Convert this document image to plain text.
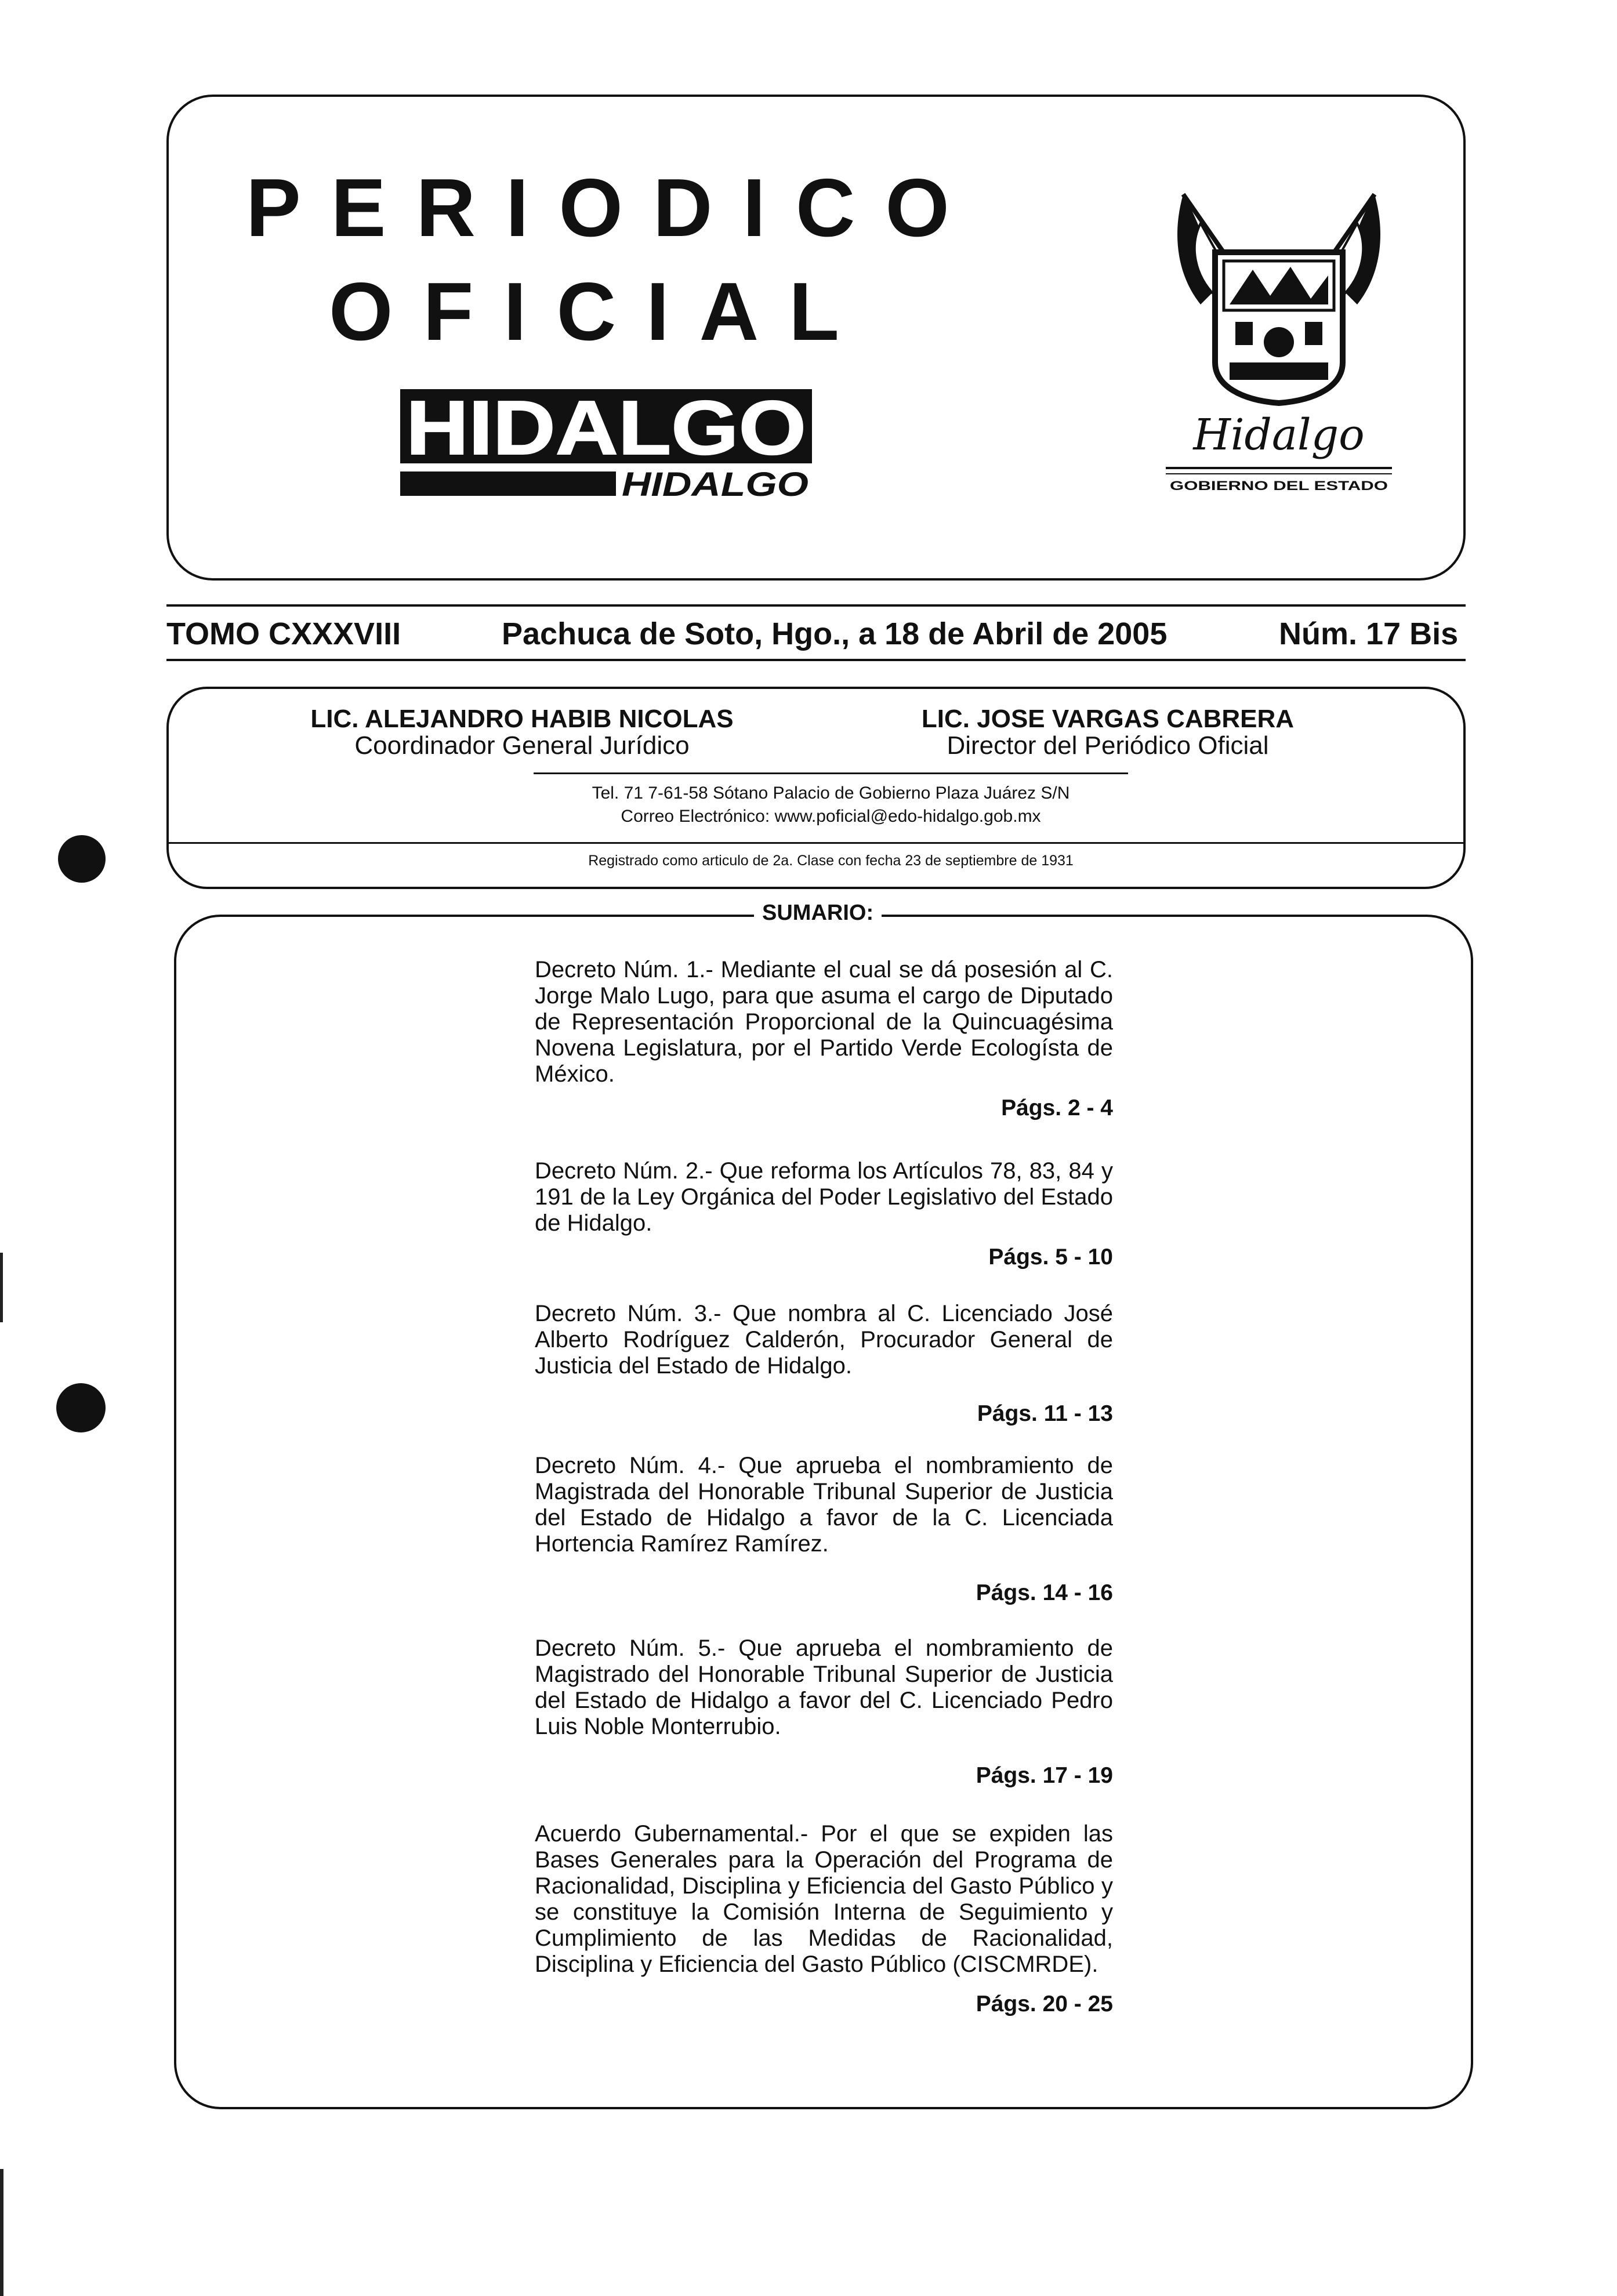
PERIODICO
OFICIAL
HIDALGO
HIDALGO
Hidalgo
GOBIERNO DEL ESTADO
TOMO CXXXVIII	Pachuca de Soto, Hgo., a 18 de Abril de 2005	Núm. 17 Bis
LIC. ALEJANDRO HABIB NICOLAS
Coordinador General Jurídico
LIC. JOSE VARGAS CABRERA
Director del Periódico Oficial
Tel. 71 7-61-58 Sótano Palacio de Gobierno Plaza Juárez S/N
Correo Electrónico: www.poficial@edo-hidalgo.gob.mx
Registrado como articulo de 2a. Clase con fecha 23 de septiembre de 1931
SUMARIO:
Decreto Núm. 1.- Mediante el cual se dá posesión al C. Jorge Malo Lugo, para que asuma el cargo de Diputado de Representación Proporcional de la Quincuagésima Novena Legislatura, por el Partido Verde Ecologísta de México.
Págs. 2 - 4
Decreto Núm. 2.- Que reforma los Artículos 78, 83, 84 y 191 de la Ley Orgánica del Poder Legislativo del Estado de Hidalgo.
Págs. 5 - 10
Decreto Núm. 3.- Que nombra al C. Licenciado José Alberto Rodríguez Calderón, Procurador General de Justicia del Estado de Hidalgo.
Págs. 11 - 13
Decreto Núm. 4.- Que aprueba el nombramiento de Magistrada del Honorable Tribunal Superior de Justicia del Estado de Hidalgo a favor de la C. Licenciada Hortencia Ramírez Ramírez.
Págs. 14 - 16
Decreto Núm. 5.- Que aprueba el nombramiento de Magistrado del Honorable Tribunal Superior de Justicia del Estado de Hidalgo a favor del C. Licenciado Pedro Luis Noble Monterrubio.
Págs. 17 - 19
Acuerdo Gubernamental.- Por el que se expiden las Bases Generales para la Operación del Programa de Racionalidad, Disciplina y Eficiencia del Gasto Público y se constituye la Comisión Interna de Seguimiento y Cumplimiento de las Medidas de Racionalidad, Disciplina y Eficiencia del Gasto Público (CISCMRDE).
Págs. 20 - 25
